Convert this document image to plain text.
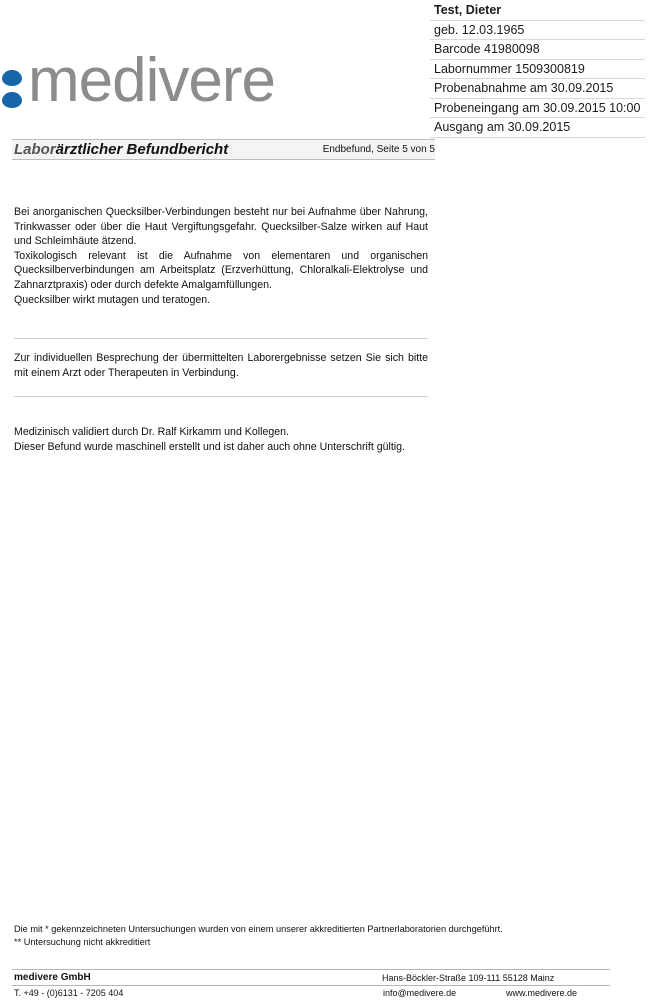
medivere
Test, Dieter
geb. 12.03.1965
Barcode 41980098
Labornummer 1509300819
Probenabnahme am 30.09.2015
Probeneingang am 30.09.2015 10:00
Ausgang am 30.09.2015
Laborärztlicher Befundbericht	Endbefund, Seite 5 von 5

Bei anorganischen Quecksilber-Verbindungen besteht nur bei Aufnahme über Nahrung, Trinkwasser oder über die Haut Vergiftungsgefahr. Quecksilber-Salze wirken auf Haut und Schleimhäute ätzend.

Toxikologisch relevant ist die Aufnahme von elementaren und organischen Quecksilberverbindungen am Arbeitsplatz (Erzverhüttung, Chloralkali-Elektrolyse und Zahnarztpraxis) oder durch defekte Amalgamfüllungen.

Quecksilber wirkt mutagen und teratogen.

Zur individuellen Besprechung der übermittelten Laborergebnisse setzen Sie sich bitte mit einem Arzt oder Therapeuten in Verbindung.

Medizinisch validiert durch Dr. Ralf Kirkamm und Kollegen.

Dieser Befund wurde maschinell erstellt und ist daher auch ohne Unterschrift gültig.

Die mit * gekennzeichneten Untersuchungen wurden von einem unserer akkreditierten Partnerlaboratorien durchgeführt.

** Untersuchung nicht akkreditiert

medivere GmbH	Hans-Böckler-Straße 109-111 55128 Mainz
T. +49 - (0)6131 - 7205 404	info@medivere.de	www.medivere.de
